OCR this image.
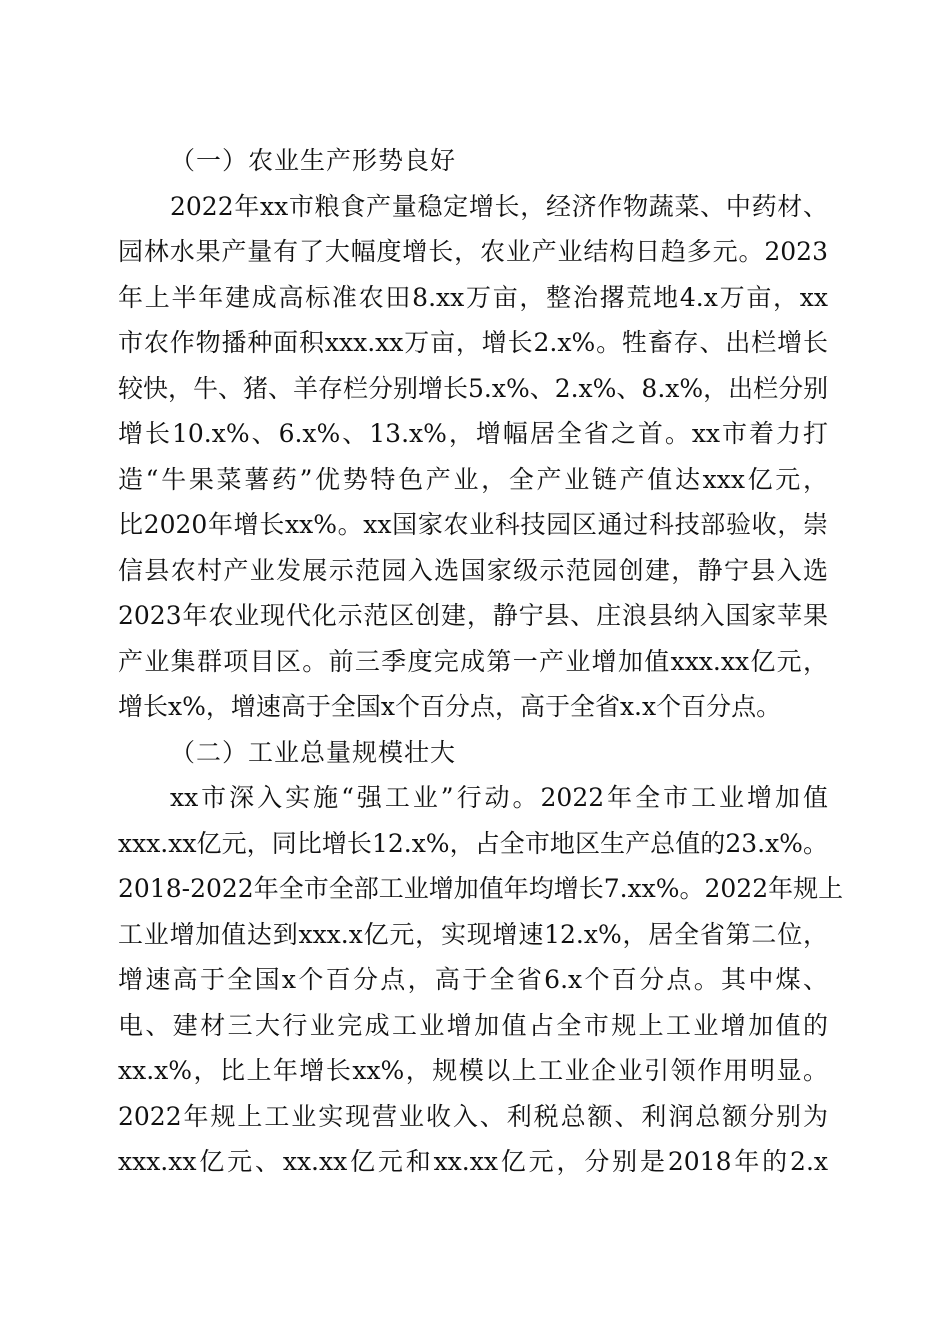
（一）农业生产形势良好
2022年xx市粮食产量稳定增长，经济作物蔬菜、中药材、
园林水果产量有了大幅度增长，农业产业结构日趋多元。2023
年上半年建成高标准农田8.xx万亩，整治撂荒地4.x万亩，xx
市农作物播种面积xxx.xx万亩，增长2.x%。牲畜存、出栏增长
较快，牛、猪、羊存栏分别增长5.x%、2.x%、8.x%，出栏分别
增长10.x%、6.x%、13.x%，增幅居全省之首。xx市着力打
造“牛果菜薯药”优势特色产业，全产业链产值达xxx亿元，
比2020年增长xx%。xx国家农业科技园区通过科技部验收，崇
信县农村产业发展示范园入选国家级示范园创建，静宁县入选
2023年农业现代化示范区创建，静宁县、庄浪县纳入国家苹果
产业集群项目区。前三季度完成第一产业增加值xxx.xx亿元，
增长x%，增速高于全国x个百分点，高于全省x.x个百分点。
（二）工业总量规模壮大
xx市深入实施“强工业”行动。2022年全市工业增加值
xxx.xx亿元，同比增长12.x%，占全市地区生产总值的23.x%。
2018-2022年全市全部工业增加值年均增长7.xx%。2022年规上
工业增加值达到xxx.x亿元，实现增速12.x%，居全省第二位，
增速高于全国x个百分点，高于全省6.x个百分点。其中煤、
电、建材三大行业完成工业增加值占全市规上工业增加值的
xx.x%，比上年增长xx%，规模以上工业企业引领作用明显。
2022年规上工业实现营业收入、利税总额、利润总额分别为
xxx.xx亿元、xx.xx亿元和xx.xx亿元，分别是2018年的2.x
